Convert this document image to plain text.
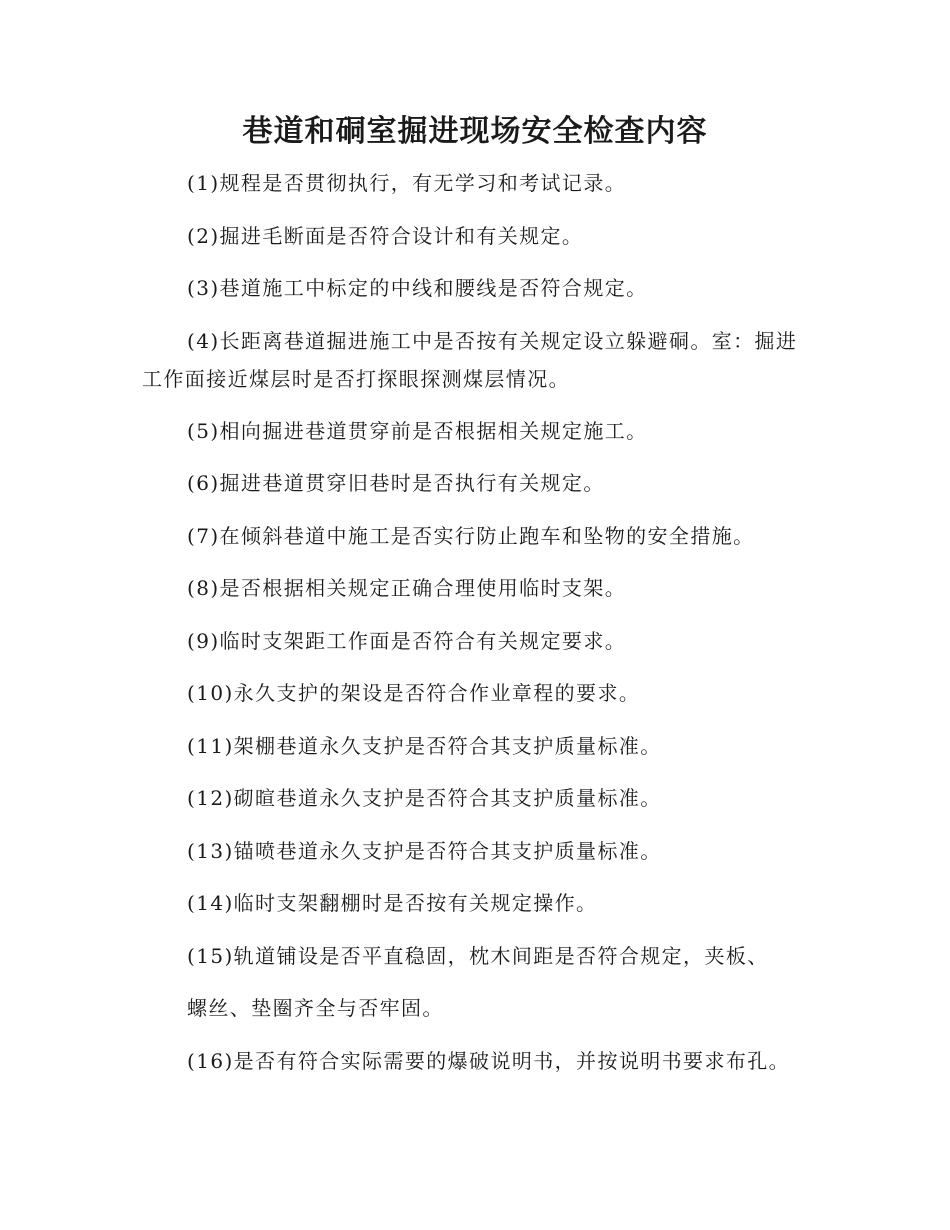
巷道和硐室掘进现场安全检查内容
(1)规程是否贯彻执行，有无学习和考试记录。
(2)掘进毛断面是否符合设计和有关规定。
(3)巷道施工中标定的中线和腰线是否符合规定。
(4)长距离巷道掘进施工中是否按有关规定设立躲避硐。室：掘进
工作面接近煤层时是否打探眼探测煤层情况。
(5)相向掘进巷道贯穿前是否根据相关规定施工。
(6)掘进巷道贯穿旧巷时是否执行有关规定。
(7)在倾斜巷道中施工是否实行防止跑车和坠物的安全措施。
(8)是否根据相关规定正确合理使用临时支架。
(9)临时支架距工作面是否符合有关规定要求。
(10)永久支护的架设是否符合作业章程的要求。
(11)架棚巷道永久支护是否符合其支护质量标准。
(12)砌暄巷道永久支护是否符合其支护质量标准。
(13)锚喷巷道永久支护是否符合其支护质量标准。
(14)临时支架翻棚时是否按有关规定操作。
(15)轨道铺设是否平直稳固，枕木间距是否符合规定，夹板、
螺丝、垫圈齐全与否牢固。
(16)是否有符合实际需要的爆破说明书，并按说明书要求布孔。
